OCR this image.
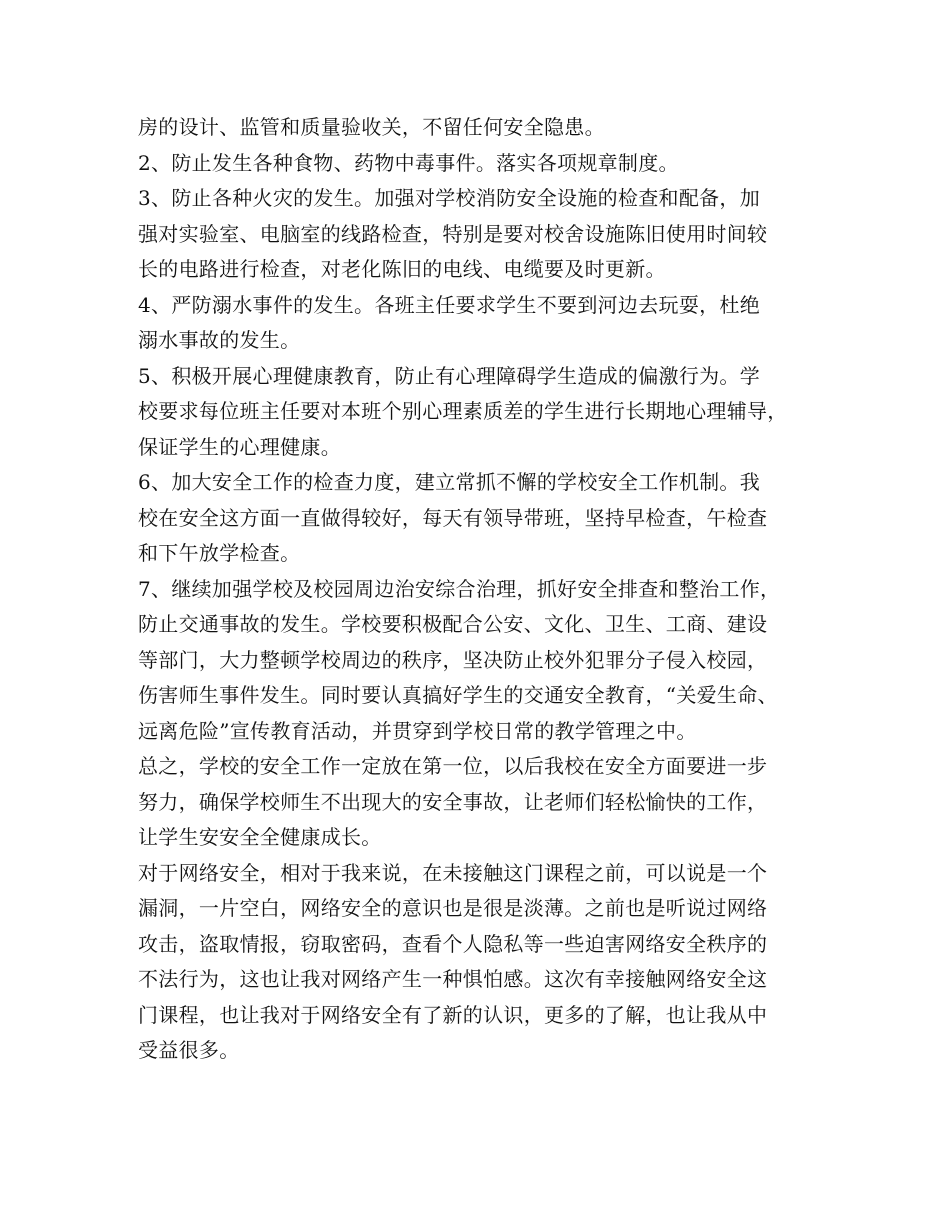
房的设计、监管和质量验收关，不留任何安全隐患。
2、防止发生各种食物、药物中毒事件。落实各项规章制度。
3、防止各种火灾的发生。加强对学校消防安全设施的检查和配备，加
强对实验室、电脑室的线路检查，特别是要对校舍设施陈旧使用时间较
长的电路进行检查，对老化陈旧的电线、电缆要及时更新。
4、严防溺水事件的发生。各班主任要求学生不要到河边去玩耍，杜绝
溺水事故的发生。
5、积极开展心理健康教育，防止有心理障碍学生造成的偏激行为。学
校要求每位班主任要对本班个别心理素质差的学生进行长期地心理辅导，
保证学生的心理健康。
6、加大安全工作的检查力度，建立常抓不懈的学校安全工作机制。我
校在安全这方面一直做得较好，每天有领导带班，坚持早检查，午检查
和下午放学检查。
7、继续加强学校及校园周边治安综合治理，抓好安全排查和整治工作，
防止交通事故的发生。学校要积极配合公安、文化、卫生、工商、建设
等部门，大力整顿学校周边的秩序，坚决防止校外犯罪分子侵入校园，
伤害师生事件发生。同时要认真搞好学生的交通安全教育，“关爱生命、
远离危险”宣传教育活动，并贯穿到学校日常的教学管理之中。
总之，学校的安全工作一定放在第一位，以后我校在安全方面要进一步
努力，确保学校师生不出现大的安全事故，让老师们轻松愉快的工作，
让学生安安全全健康成长。
对于网络安全，相对于我来说，在未接触这门课程之前，可以说是一个
漏洞，一片空白，网络安全的意识也是很是淡薄。之前也是听说过网络
攻击，盗取情报，窃取密码，查看个人隐私等一些迫害网络安全秩序的
不法行为，这也让我对网络产生一种惧怕感。这次有幸接触网络安全这
门课程，也让我对于网络安全有了新的认识，更多的了解，也让我从中
受益很多。
